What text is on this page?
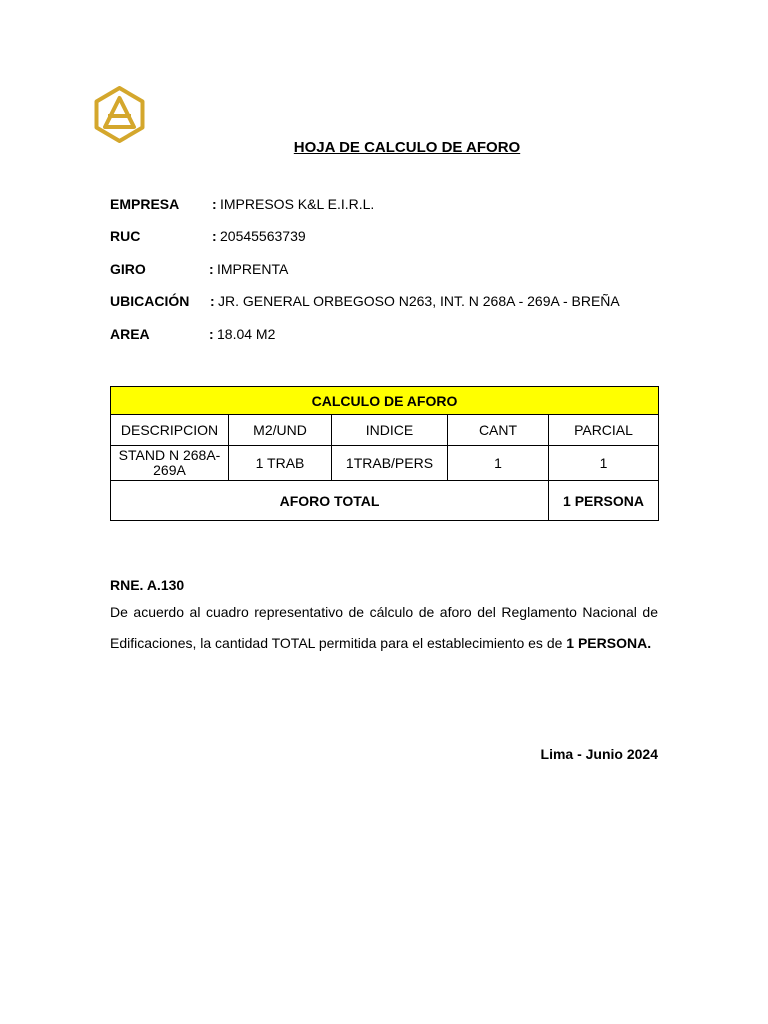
HOJA DE CALCULO DE AFORO
EMPRESA : IMPRESOS K&L E.I.R.L.
RUC	: 20545563739
GIRO	: IMPRENTA
UBICACIÓN : JR. GENERAL ORBEGOSO N263, INT. N 268A - 269A - BREÑA
AREA	: 18.04 M2
CALCULO DE AFORO				
DESCRIPCION	M2/UND	INDICE	CANT	PARCIAL
STAND N 268A-269A	1 TRAB	1TRAB/PERS	1	1
AFORO TOTAL				1 PERSONA
RNE. A.130
De acuerdo al cuadro representativo de cálculo de aforo del Reglamento Nacional de Edificaciones, la cantidad TOTAL permitida para el establecimiento es de 1 PERSONA.
Lima - Junio 2024
